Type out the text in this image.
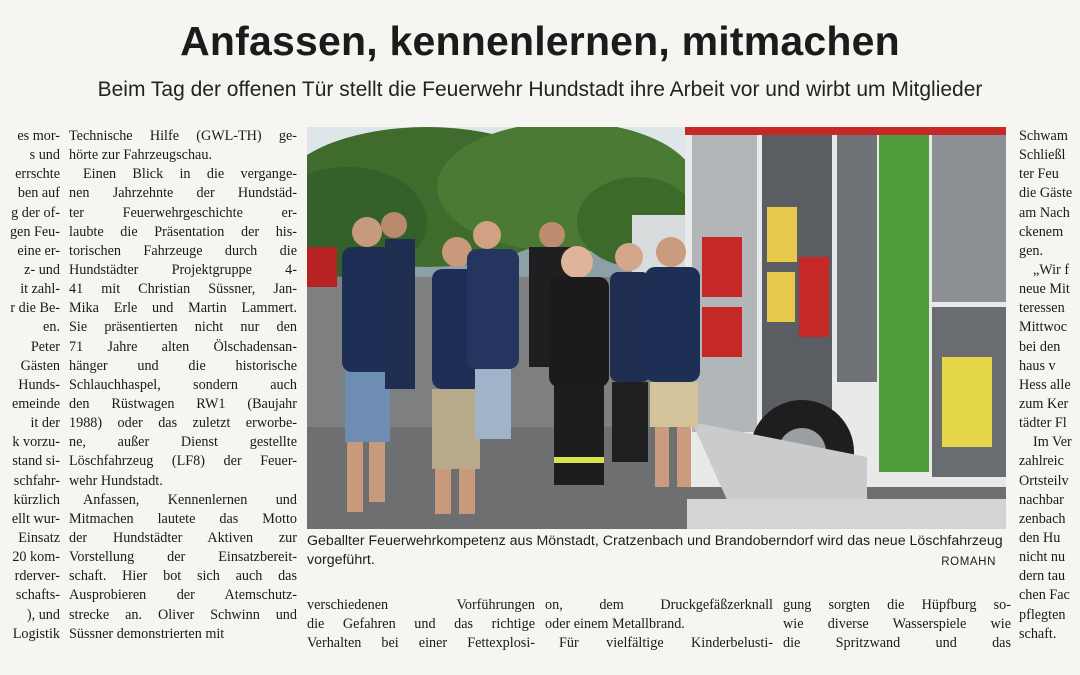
Anfassen, kennenlernen, mitmachen

Beim Tag der offenen Tür stellt die Feuerwehr Hundstadt ihre Arbeit vor und wirbt um Mitglieder

es mor-
s und
errschte
ben auf
g der of-
gen Feu-
eine er-
z- und
it zahl-
r die Be-
en.
Peter
Gästen
Hunds-
emeinde
it der
k vorzu-
stand si-
schfahr-
kürzlich
ellt wur-
Einsatz
20 kom-
rderver-
schafts-
), und
Logistik
Technische Hilfe (GWL-TH) ge-
hörte zur Fahrzeugschau.
Einen Blick in die vergange-
nen Jahrzehnte der Hundstäd-
ter Feuerwehrgeschichte er-
laubte die Präsentation der his-
torischen Fahrzeuge durch die
Hundstädter Projektgruppe 4-
41 mit Christian Süssner, Jan-
Mika Erle und Martin Lammert.
Sie präsentierten nicht nur den
71 Jahre alten Ölschadensan-
hänger und die historische
Schlauchhaspel, sondern auch
den Rüstwagen RW1 (Baujahr
1988) oder das zuletzt erworbe-
ne, außer Dienst gestellte
Löschfahrzeug (LF8) der Feuer-
wehr Hundstadt.
Anfassen, Kennenlernen und
Mitmachen lautete das Motto
der Hundstädter Aktiven zur
Vorstellung der Einsatzbereit-
schaft. Hier bot sich auch das
Ausprobieren der Atemschutz-
strecke an. Oliver Schwinn und
Süssner demonstrierten mit
Geballter Feuerwehrkompetenz aus Mönstadt, Cratzenbach und Brandoberndorf wird das neue Löschfahrzeug vorgeführt.	ROMAHN
verschiedenen Vorführungen
die Gefahren und das richtige
Verhalten bei einer Fettexplosi-
on, dem Druckgefäßzerknall
oder einem Metallbrand.
Für vielfältige Kinderbelusti-
gung sorgten die Hüpfburg so-
wie diverse Wasserspiele wie
die Spritzwand und das
Schwam
Schließl
ter Feu
die Gäste
am Nach
ckenem
gen.
„Wir f
neue Mit
teressen
Mittwoc
bei den
haus v
Hess alle
zum Ker
tädter Fl
Im Ver
zahlreic
Ortsteilv
nachbar
zenbach
den Hu
nicht nu
dern tau
chen Fac
pflegten
schaft.
